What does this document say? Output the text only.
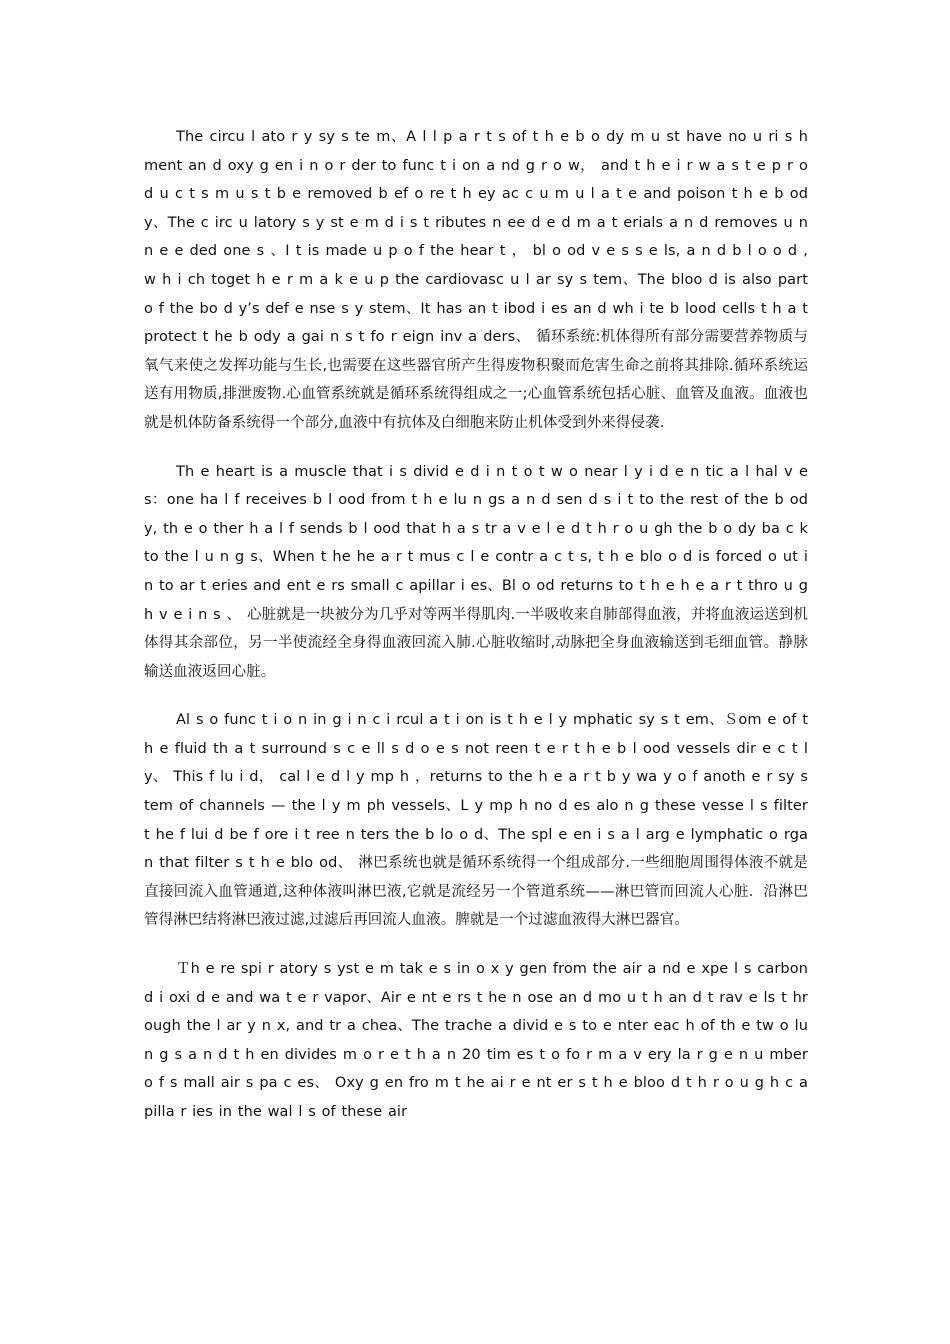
The circu l ato r y sy s te m、A l l p a r t s of t h e b o dy m u st have no u ri s h ment an d oxy g en i n o r der to func t i on a nd g r o w， and t h e i r w a s t e p r o d u c t s m u s t b e removed b ef o re t h ey ac c u m u l a t e and poison t h e b ody、The c irc u latory s y st e m d i s t ributes n ee d e d m a t erials a n d removes u n n e e ded one s 、I t is made u p o f the hear t ， bl o od v e s s e ls, a n d b l o o d , w h i ch toget h e r m a k e u p the cardiovasc u l ar sy s tem、The bloo d is also part o f the bo d y’s def e nse s y stem、It has an t ibod i es an d wh i te b lood cells t h a t protect t he b ody a gai n s t fo r eign inv a ders、 循环系统:机体得所有部分需要营养物质与氧气来使之发挥功能与生长,也需要在这些器官所产生得废物积聚而危害生命之前将其排除.循环系统运送有用物质,排泄废物.心血管系统就是循环系统得组成之一;心血管系统包括心脏、血管及血液。血液也就是机体防备系统得一个部分,血液中有抗体及白细胞来防止机体受到外来得侵袭.

Th e heart is a muscle that i s divid e d i n t o t w o near l y i d e n tic a l hal v es：one ha l f receives b l ood from t h e lu n gs a n d sen d s i t to the rest of the b ody, th e o ther h a l f sends b l ood that h a s tr a v e l e d t h r o u gh the b o dy ba c k to the l u n g s、When t he he a r t mus c l e contr a c t s, t h e blo o d is forced o ut i n to ar t eries and ent e rs small c apillar i es、Bl o od returns to t h e h e a r t thro u g h v e i n s 、 心脏就是一块被分为几乎对等两半得肌肉.一半吸收来自肺部得血液，并将血液运送到机体得其余部位，另一半使流经全身得血液回流入肺.心脏收缩时,动脉把全身血液输送到毛细血管。静脉输送血液返回心脏。

Al s o func t i o n in g i n c i rcul a t i on is t h e l y mphatic sy s t em、Ｓom e of t h e fluid th a t surround s c e ll s d o e s not reen t e r t h e b l ood vessels dir e c t l y、 This f lu i d， cal l e d l y mp h ，returns to the h e a r t b y wa y o f anoth e r sy s tem of channels — the l y m ph vessels、L y mp h no d es alo n g these vesse l s filter t he f lui d be f ore i t ree n ters the b lo o d、The spl e en i s a l arg e lymphatic o rgan that filter s t h e blo od、 淋巴系统也就是循环系统得一个组成部分.一些细胞周围得体液不就是直接回流入血管通道,这种体液叫淋巴液,它就是流经另一个管道系统——淋巴管而回流人心脏．沿淋巴管得淋巴结将淋巴液过滤,过滤后再回流人血液。脾就是一个过滤血液得大淋巴器官。

Ｔh e re spi r atory s yst e m tak e s in o x y gen from the air a nd e xpe l s carbon d i oxi d e and wa t e r vapor、Air e nt e rs t he n ose an d mo u t h an d t rav e ls t hrough the l ar y n x, and tr a chea、The trache a divid e s to e nter eac h of th e tw o lun g s a n d t h en divides m o r e t h a n 20 tim es t o fo r m a v ery la r g e n u mber o f s mall air s pa c es、 Oxy g en fro m t he ai r e nt er s t h e bloo d t h r o u g h c a pilla r ies in the wal l s of these air
